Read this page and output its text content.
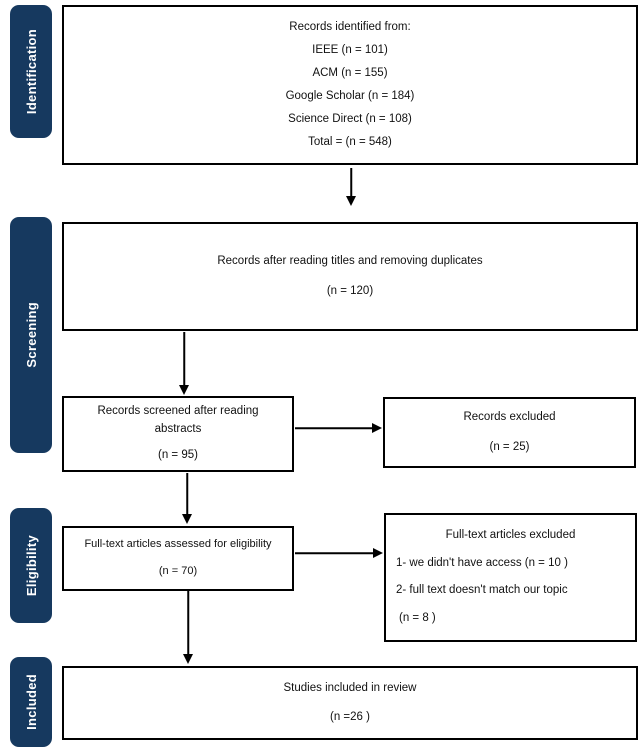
Identification
Screening
Eligibility
Included
Records identified from:
IEEE (n = 101)
ACM (n = 155)
Google Scholar (n = 184)
Science Direct (n = 108)
Total = (n = 548)
Records after reading titles and removing duplicates
(n = 120)
Records screened after reading abstracts
(n = 95)
Records excluded
(n = 25)
Full-text articles assessed for eligibility
(n = 70)
Full-text articles excluded
1- we didn't have access (n = 10 )
2- full text doesn't match our topic
(n = 8 )
Studies included in review
(n =26 )
